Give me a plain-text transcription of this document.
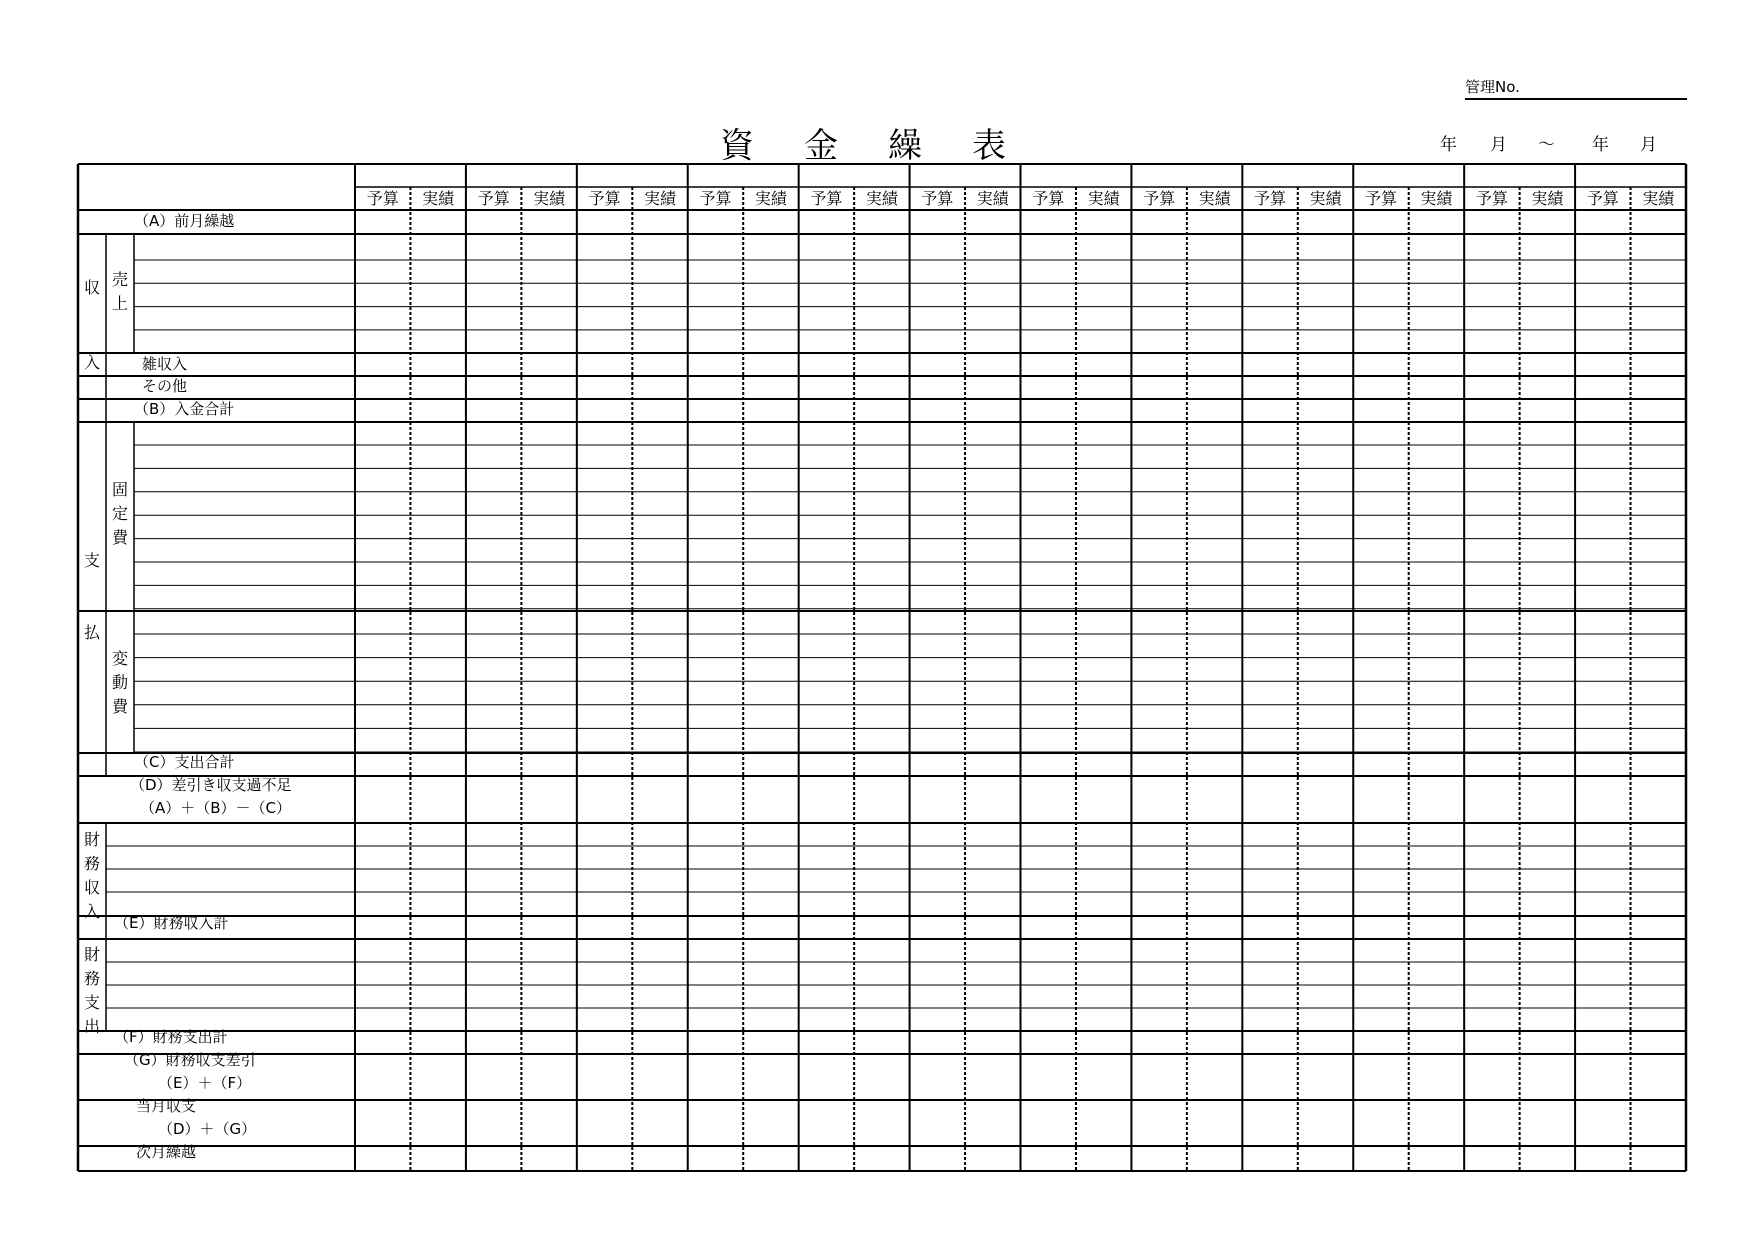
管理No.
資 金 繰 表	年 月 ～ 年 月
予算 実績 予算 実績 予算 実績 予算 実績 予算 実績 予算 実績 予算 実績 予算 実績 予算 実績 予算 実績 予算 実績 予算 実績
（A）前月繰越
収
入
売
上
雑収入
その他
（B）入金合計
支
払
固
定
費
変
動
費
（C）支出合計
（D）差引き収支過不足
（A）＋（B）－（C）
財
務
収
入
（E）財務収入計
財
務
支
出
（F）財務支出計
（G）財務収支差引
（E）＋（F）
当月収支
（D）＋（G）
次月繰越
